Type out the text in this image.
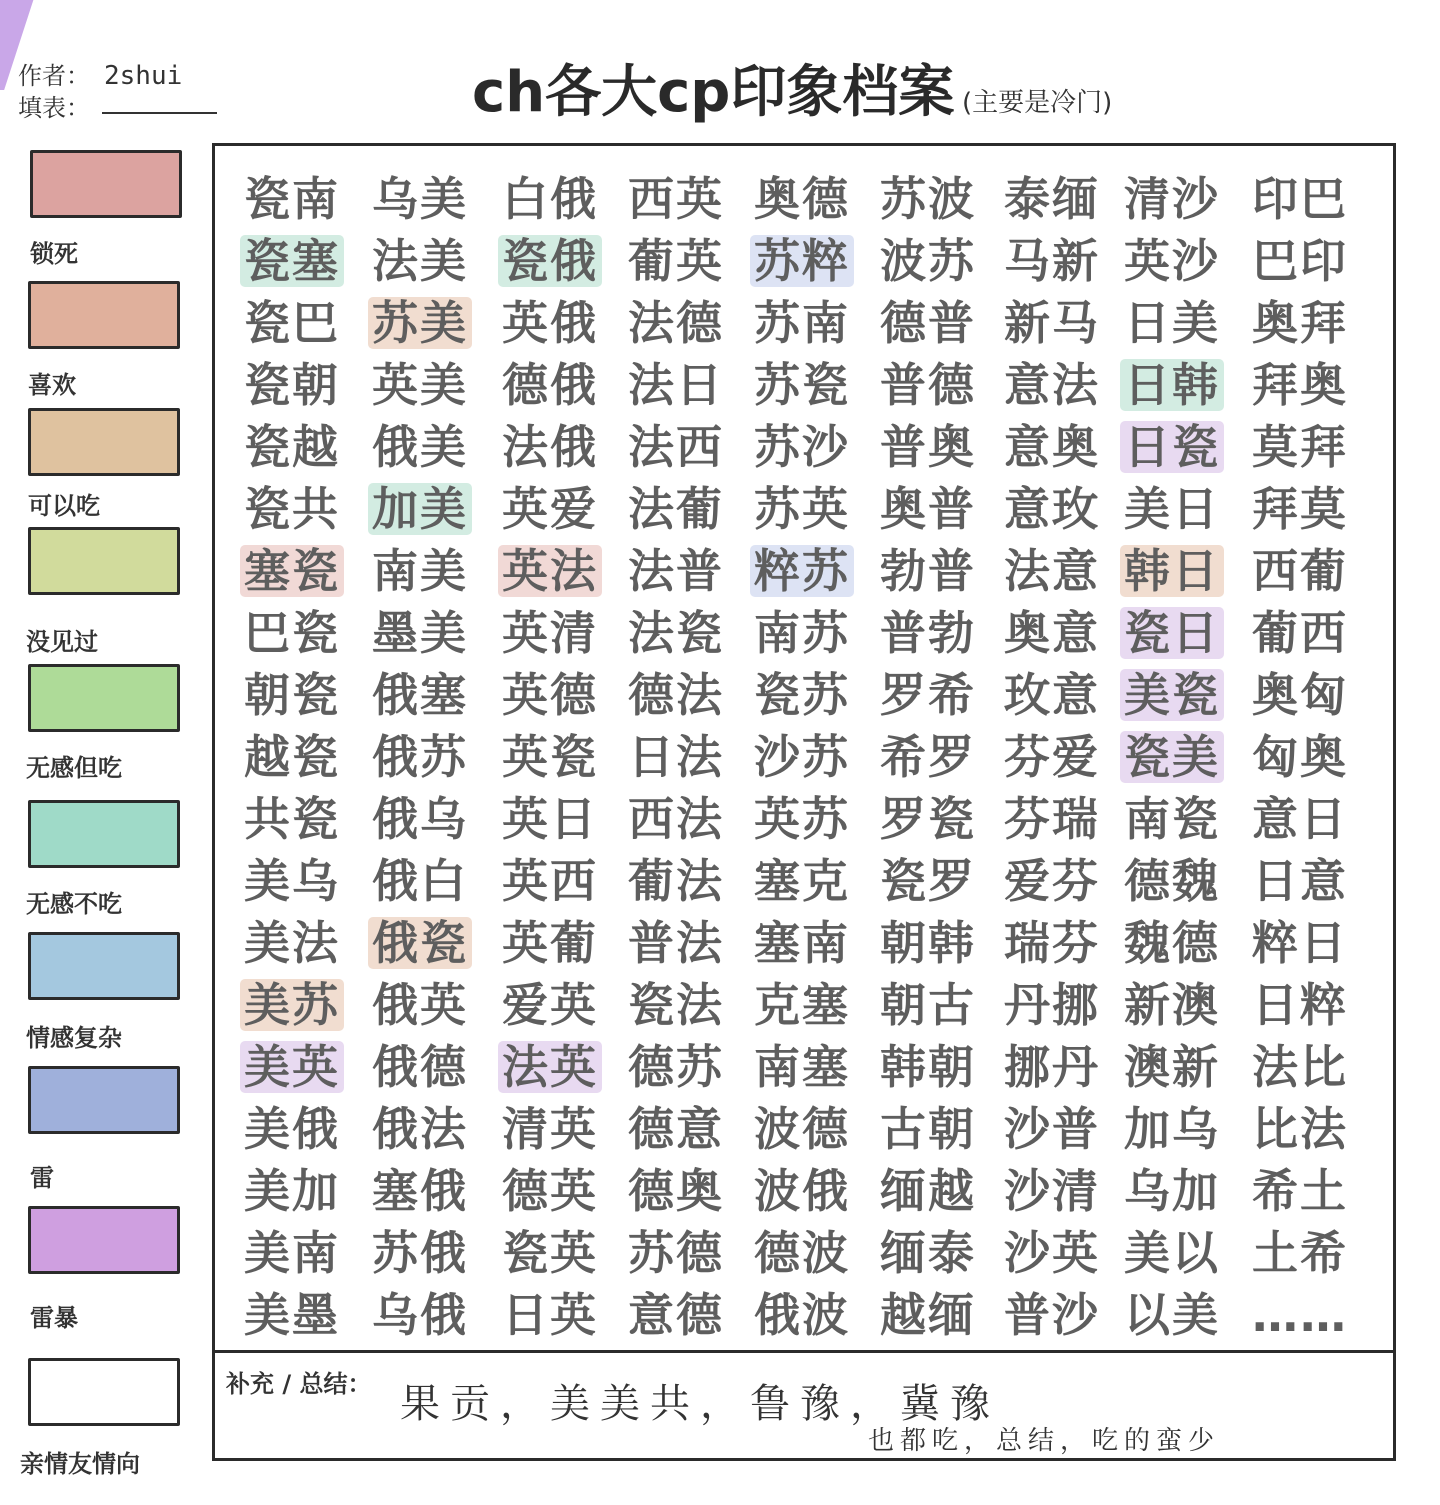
作者： 2shui
填表：	ch各大cp印象档案 (主要是冷门)
锁死
喜欢
可以吃
没见过
无感但吃
无感不吃
情感复杂
雷
雷暴
亲情友情向
瓷南
瓷塞
瓷巴
瓷朝
瓷越
瓷共
塞瓷
巴瓷
朝瓷
越瓷
共瓷
美乌
美法
美苏
美英
美俄
美加
美南
美墨
乌美
法美
苏美
英美
俄美
加美
南美
墨美
俄塞
俄苏
俄乌
俄白
俄瓷
俄英
俄德
俄法
塞俄
苏俄
乌俄
白俄
瓷俄
英俄
德俄
法俄
英爱
英法
英清
英德
英瓷
英日
英西
英葡
爱英
法英
清英
德英
瓷英
日英
西英
葡英
法德
法日
法西
法葡
法普
法瓷
德法
日法
西法
葡法
普法
瓷法
德苏
德意
德奥
苏德
意德
奥德
苏粹
苏南
苏瓷
苏沙
苏英
粹苏
南苏
瓷苏
沙苏
英苏
塞克
塞南
克塞
南塞
波德
波俄
德波
俄波
苏波
波苏
德普
普德
普奥
奥普
勃普
普勃
罗希
希罗
罗瓷
瓷罗
朝韩
朝古
韩朝
古朝
缅越
缅泰
越缅
泰缅
马新
新马
意法
意奥
意玫
法意
奥意
玫意
芬爱
芬瑞
爱芬
瑞芬
丹挪
挪丹
沙普
沙清
沙英
普沙
清沙
英沙
日美
日韩
日瓷
美日
韩日
瓷日
美瓷
瓷美
南瓷
德魏
魏德
新澳
澳新
加乌
乌加
美以
以美
印巴
巴印
奥拜
拜奥
莫拜
拜莫
西葡
葡西
奥匈
匈奥
意日
日意
粹日
日粹
法比
比法
希土
土希
……
补充 / 总结： 果贡，美美共，鲁豫，冀豫
也都吃，总结，吃的蛮少
